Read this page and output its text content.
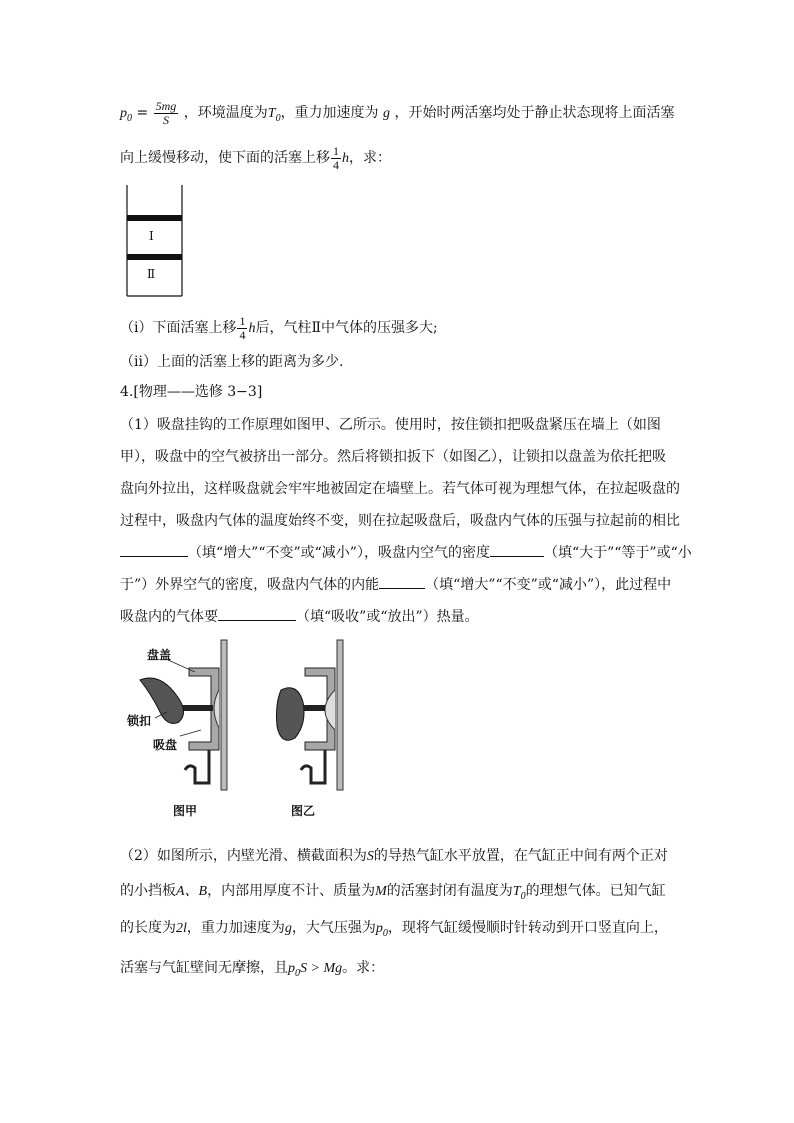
$p_0 = \frac{5mg}{S}$ ，环境温度为$T_0$，重力加速度为 g ，开始时两活塞均处于静止状态现将上面活塞
向上缓慢移动，使下面的活塞上移 $\frac{1}{4}$ h，求：
Ⅰ
Ⅱ
（ⅰ）下面活塞上移 $\frac{1}{4}$ h后，气柱Ⅱ中气体的压强多大;
（ⅱ）上面的活塞上移的距离为多少.
4.[物理——选修 3−3]
（1）吸盘挂钩的工作原理如图甲、乙所示。使用时，按住锁扣把吸盘紧压在墙上（如图
甲），吸盘中的空气被挤出一部分。然后将锁扣扳下（如图乙），让锁扣以盘盖为依托把吸
盘向外拉出，这样吸盘就会牢牢地被固定在墙壁上。若气体可视为理想气体，在拉起吸盘的
过程中，吸盘内气体的温度始终不变，则在拉起吸盘后，吸盘内气体的压强与拉起前的相比
（填“增大”“不变”或“减小”），吸盘内空气的密度	（填“大于”“等于”或“小
于”）外界空气的密度，吸盘内气体的内能	（填“增大”“不变”或“减小”），此过程中
吸盘内的气体要	（填“吸收”或“放出”）热量。
盘盖
锁扣
吸盘
图甲	图乙
（2）如图所示，内壁光滑、横截面积为S的导热气缸水平放置，在气缸正中间有两个正对
的小挡板A、B，内部用厚度不计、质量为M的活塞封闭有温度为$T_0$的理想气体。已知气缸
的长度为2l，重力加速度为g，大气压强为$p_0$，现将气缸缓慢顺时针转动到开口竖直向上，
活塞与气缸壁间无摩擦，且$p_0S > Mg$。求：
